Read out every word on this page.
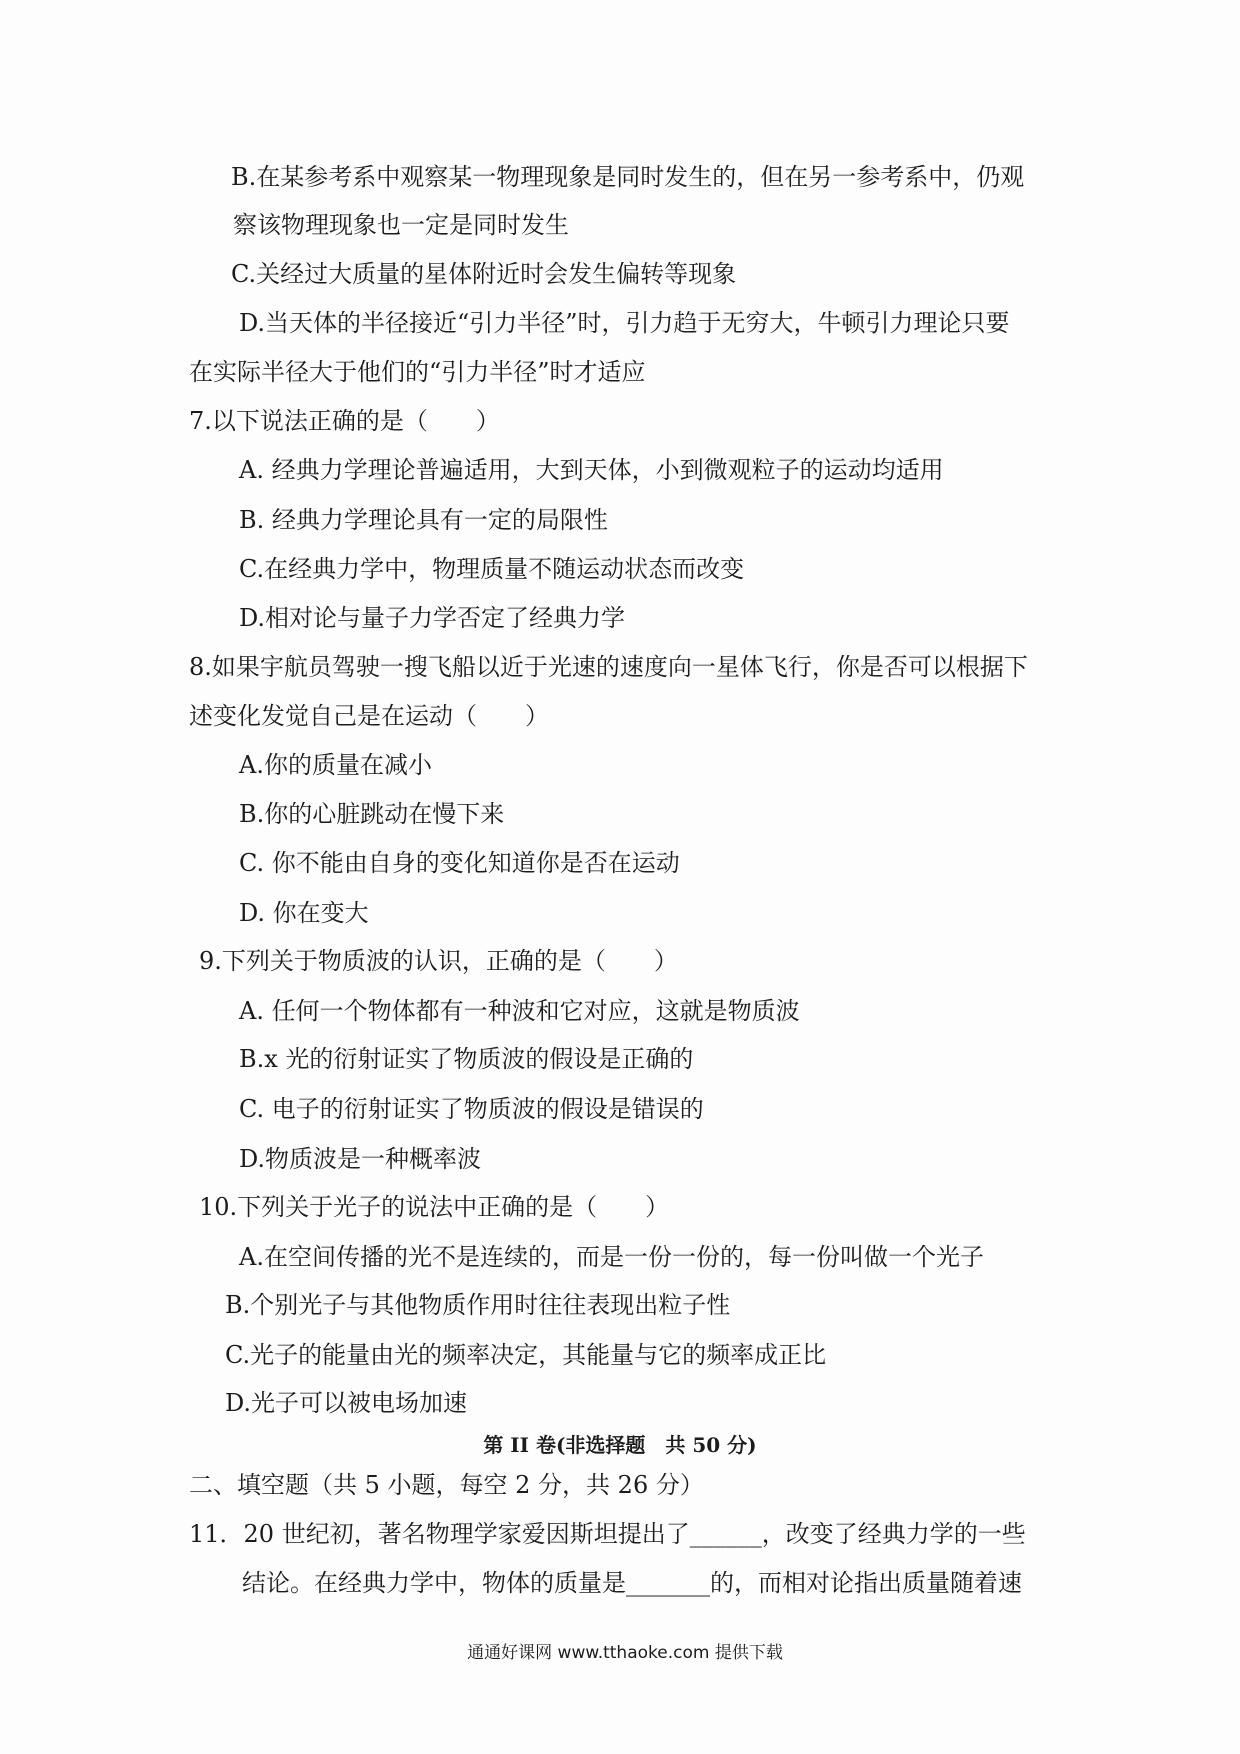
B.在某参考系中观察某一物理现象是同时发生的，但在另一参考系中，仍观
察该物理现象也一定是同时发生
C.关经过大质量的星体附近时会发生偏转等现象
D.当天体的半径接近“引力半径”时，引力趋于无穷大，牛顿引力理论只要
在实际半径大于他们的“引力半径”时才适应
7.以下说法正确的是（　　）
A. 经典力学理论普遍适用，大到天体，小到微观粒子的运动均适用
B. 经典力学理论具有一定的局限性
C.在经典力学中，物理质量不随运动状态而改变
D.相对论与量子力学否定了经典力学
8.如果宇航员驾驶一搜飞船以近于光速的速度向一星体飞行，你是否可以根据下
述变化发觉自己是在运动（　　）
A.你的质量在减小
B.你的心脏跳动在慢下来
C. 你不能由自身的变化知道你是否在运动
D. 你在变大
9.下列关于物质波的认识，正确的是（　　）
A. 任何一个物体都有一种波和它对应，这就是物质波
B.x 光的衍射证实了物质波的假设是正确的
C. 电子的衍射证实了物质波的假设是错误的
D.物质波是一种概率波
10.下列关于光子的说法中正确的是（　　）
A.在空间传播的光不是连续的，而是一份一份的，每一份叫做一个光子
B.个别光子与其他物质作用时往往表现出粒子性
C.光子的能量由光的频率决定，其能量与它的频率成正比
D.光子可以被电场加速
第 II 卷(非选择题　共 50 分)
二、填空题（共 5 小题，每空 2 分，共 26 分）
11．20 世纪初，著名物理学家爱因斯坦提出了______，改变了经典力学的一些
结论。在经典力学中，物体的质量是_______的，而相对论指出质量随着速
通通好课网 www.tthaoke.com 提供下载
